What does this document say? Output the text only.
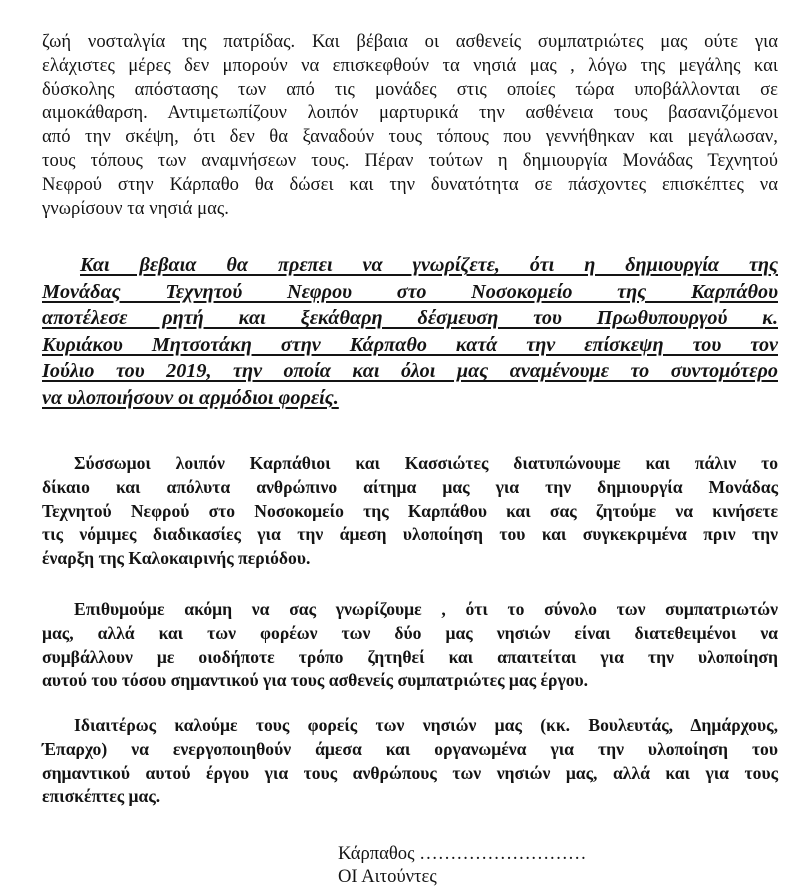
ζωή νοσταλγία της πατρίδας. Και βέβαια οι ασθενείς συμπατριώτες μας ούτε για
ελάχιστες μέρες δεν μπορούν να επισκεφθούν τα νησιά μας , λόγω της μεγάλης και
δύσκολης απόστασης των από τις μονάδες στις οποίες τώρα υποβάλλονται σε
αιμοκάθαρση. Αντιμετωπίζουν λοιπόν μαρτυρικά την ασθένεια τους βασανιζόμενοι
από την σκέψη, ότι δεν θα ξαναδούν τους τόπους που γεννήθηκαν και μεγάλωσαν,
τους τόπους των αναμνήσεων τους. Πέραν τούτων η δημιουργία Μονάδας Τεχνητού
Νεφρού στην Κάρπαθο θα δώσει και την δυνατότητα σε πάσχοντες επισκέπτες να
γνωρίσουν τα νησιά μας.
Και βεβαια θα πρεπει να γνωρίζετε, ότι η δημιουργία της
Μονάδας Τεχνητού Νεφρου στο Νοσοκομείο της Καρπάθου
αποτέλεσε ρητή και ξεκάθαρη δέσμευση του Πρωθυπουργού κ.
Κυριάκου Μητσοτάκη στην Κάρπαθο κατά την επίσκεψη του τον
Ιούλιο του 2019, την οποία και όλοι μας αναμένουμε το συντομότερο
να υλοποιήσουν οι αρμόδιοι φορείς.
Σύσσωμοι λοιπόν Καρπάθιοι και Κασσιώτες διατυπώνουμε και πάλιν το
δίκαιο και απόλυτα ανθρώπινο αίτημα μας για την δημιουργία Μονάδας
Τεχνητού Νεφρού στο Νοσοκομείο της Καρπάθου και σας ζητούμε να κινήσετε
τις νόμιμες διαδικασίες για την άμεση υλοποίηση του και συγκεκριμένα πριν την
έναρξη της Καλοκαιρινής περιόδου.
Επιθυμούμε ακόμη να σας γνωρίζουμε , ότι το σύνολο των συμπατριωτών
μας, αλλά και των φορέων των δύο μας νησιών είναι διατεθειμένοι να
συμβάλλουν με οιοδήποτε τρόπο ζητηθεί και απαιτείται για την υλοποίηση
αυτού του τόσου σημαντικού για τους ασθενείς συμπατριώτες μας έργου.
Ιδιαιτέρως καλούμε τους φορείς των νησιών μας (κκ. Βουλευτάς, Δημάρχους,
Έπαρχο) να ενεργοποιηθούν άμεσα και οργανωμένα για την υλοποίηση του
σημαντικού αυτού έργου για τους ανθρώπους των νησιών μας, αλλά και για τους
επισκέπτες μας.
Κάρπαθος ………………………
ΟΙ Αιτούντες
